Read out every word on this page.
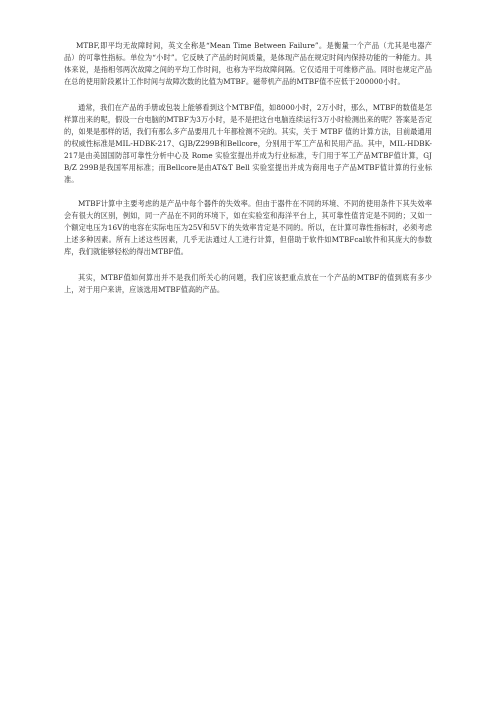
MTBF,即平均无故障时间，英文全称是“Mean Time Between Failure”。是衡量一个产品（尤其是电器产品）的可靠性指标。单位为“小时”。它反映了产品的时间质量，是体现产品在规定时间内保持功能的一种能力。具体来说，是指相邻两次故障之间的平均工作时间，也称为平均故障间隔。它仅适用于可维修产品。同时也规定产品在总的使用阶段累计工作时间与故障次数的比值为MTBF。磁带机产品的MTBF值不应低于200000小时。

通常，我们在产品的手册或包装上能够看到这个MTBF值，如8000小时，2万小时，那么，MTBF的数值是怎样算出来的呢，假设一台电脑的MTBF为3万小时，是不是把这台电脑连续运行3万小时检测出来的呢？答案是否定的，如果是那样的话，我们有那么多产品要用几十年都检测不完的。其实，关于 MTBF 值的计算方法，目前最通用的权威性标准是MIL-HDBK-217、GJB/Z299B和Bellcore，分别用于军工产品和民用产品。其中，MIL-HDBK-217是由美国国防部可靠性分析中心及 Rome 实验室提出并成为行业标准，专门用于军工产品MTBF值计算，GJB/Z 299B是我国军用标准；而Bellcore是由AT&T Bell 实验室提出并成为商用电子产品MTBF值计算的行业标准。

MTBF计算中主要考虑的是产品中每个器件的失效率。但由于器件在不同的环境、不同的使用条件下其失效率会有很大的区别，例如，同一产品在不同的环境下，如在实验室和海洋平台上，其可靠性值肯定是不同的；又如一个额定电压为16V的电容在实际电压为25V和5V下的失效率肯定是不同的。所以，在计算可靠性指标时，必须考虑上述多种因素。所有上述这些因素，几乎无法通过人工进行计算，但借助于软件如MTBFcal软件和其庞大的参数库，我们就能够轻松的得出MTBF值。

其实，MTBF值如何算出并不是我们所关心的问题，我们应该把重点放在一个产品的MTBF的值到底有多少上，对于用户来讲，应该选用MTBF值高的产品。
